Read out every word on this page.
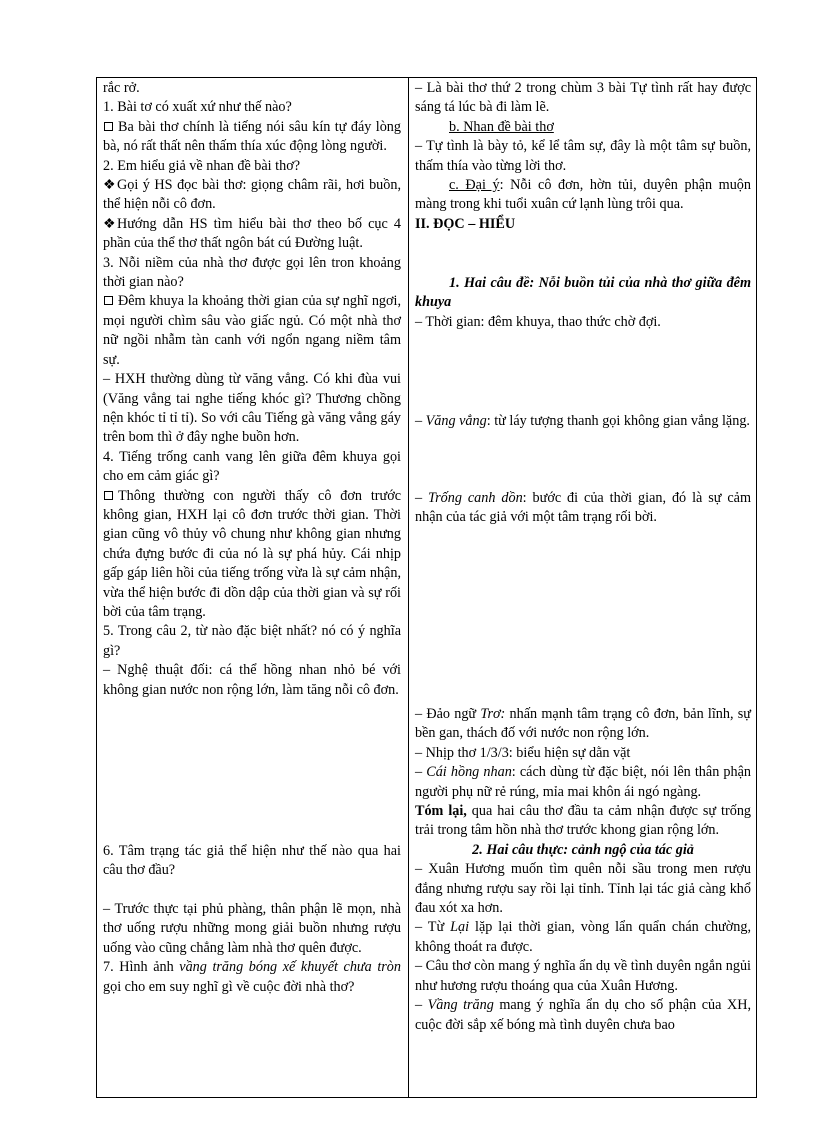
rắc rở.

1. Bài tơ có xuất xứ như thế nào?

Ba bài thơ chính là tiếng nói sâu kín tự đáy lòng bà, nó rất thất nên thấm thía xúc động lòng người.

2. Em hiểu giả về nhan đề bài thơ?

❖Gọi ý HS đọc bài thơ: giọng châm rãi, hơi buồn, thể hiện nỗi cô đơn.

❖Hướng dẫn HS tìm hiểu bài thơ theo bố cục 4 phần của thể thơ thất ngôn bát cú Đường luật.

3. Nỗi niềm của nhà thơ được gọi lên tron khoảng thời gian nào?

Đêm khuya la khoảng thời gian của sự nghĩ ngơi, mọi người chìm sâu vào giấc ngủ. Có một nhà thơ nữ ngồi nhẫm tàn canh với ngổn ngang niềm tâm sự.

– HXH thường dùng từ văng vẳng. Có khi đùa vui (Văng vẳng tai nghe tiếng khóc gì? Thương chồng nện khóc tỉ tỉ tỉ). So với câu Tiếng gà văng vẳng gáy trên bom thì ở đây nghe buồn hơn.

4. Tiếng trống canh vang lên giữa đêm khuya gọi cho em cảm giác gì?

Thông thường con người thấy cô đơn trước không gian, HXH lại cô đơn trước thời gian. Thời gian cũng vô thủy vô chung như không gian nhưng chứa đựng bước đi của nó là sự phá hủy. Cái nhịp gấp gáp liên hồi của tiếng trống vừa là sự cảm nhận, vừa thể hiện bước đi dồn dập của thời gian và sự rối bời của tâm trạng.

5. Trong câu 2, từ nào đặc biệt nhất? nó có ý nghĩa gì?

– Nghệ thuật đối: cá thể hồng nhan nhỏ bé với không gian nước non rộng lớn, làm tăng nỗi cô đơn.

6. Tâm trạng tác giả thể hiện như thế nào qua hai câu thơ đầu?

– Trước thực tại phủ phàng, thân phận lẽ mọn, nhà thơ uống rượu những mong giải buồn nhưng rượu uống vào cũng chẳng làm nhà thơ quên được.

7. Hình ảnh vầng trăng bóng xế khuyết chưa tròn gọi cho em suy nghĩ gì về cuộc đời nhà thơ?

– Là bài thơ thứ 2 trong chùm 3 bài Tự tình rất hay được sáng tá lúc bà đi làm lẽ.

b. Nhan đề bài thơ

– Tự tình là bày tỏ, kể lể tâm sự, đây là một tâm sự buồn, thấm thía vào từng lời thơ.

c. Đại ý: Nỗi cô đơn, hờn tủi, duyên phận muộn màng trong khi tuổi xuân cứ lạnh lùng trôi qua.

II. ĐỌC – HIỂU

1. Hai câu đề: Nỗi buồn tủi của nhà thơ giữa đêm khuya

– Thời gian: đêm khuya, thao thức chờ đợi.

– Văng vẳng: từ láy tượng thanh gọi không gian vắng lặng.

– Trống canh dồn: bước đi của thời gian, đó là sự cảm nhận của tác giả với một tâm trạng rối bời.

– Đảo ngữ Trơ: nhấn mạnh tâm trạng cô đơn, bản lĩnh, sự bền gan, thách đố với nước non rộng lớn.

– Nhịp thơ 1/3/3: biểu hiện sự dằn vặt

– Cái hồng nhan: cách dùng từ đặc biệt, nói lên thân phận người phụ nữ rẻ rúng, mỉa mai khôn ái ngó ngàng.

Tóm lại, qua hai câu thơ đầu ta cảm nhận được sự trống trải trong tâm hồn nhà thơ trước khong gian rộng lớn.

2. Hai câu thực: cảnh ngộ của tác giả

– Xuân Hương muốn tìm quên nỗi sầu trong men rượu đắng nhưng rượu say rồi lại tỉnh. Tỉnh lại tác giả càng khổ đau xót xa hơn.

– Từ Lại lặp lại thời gian, vòng lẩn quẩn chán chường, không thoát ra được.

– Câu thơ còn mang ý nghĩa ẩn dụ về tình duyên ngắn ngủi như hương rượu thoáng qua của Xuân Hương.

– Vầng trăng mang ý nghĩa ẩn dụ cho số phận của XH, cuộc đời sắp xế bóng mà tình duyên chưa bao
